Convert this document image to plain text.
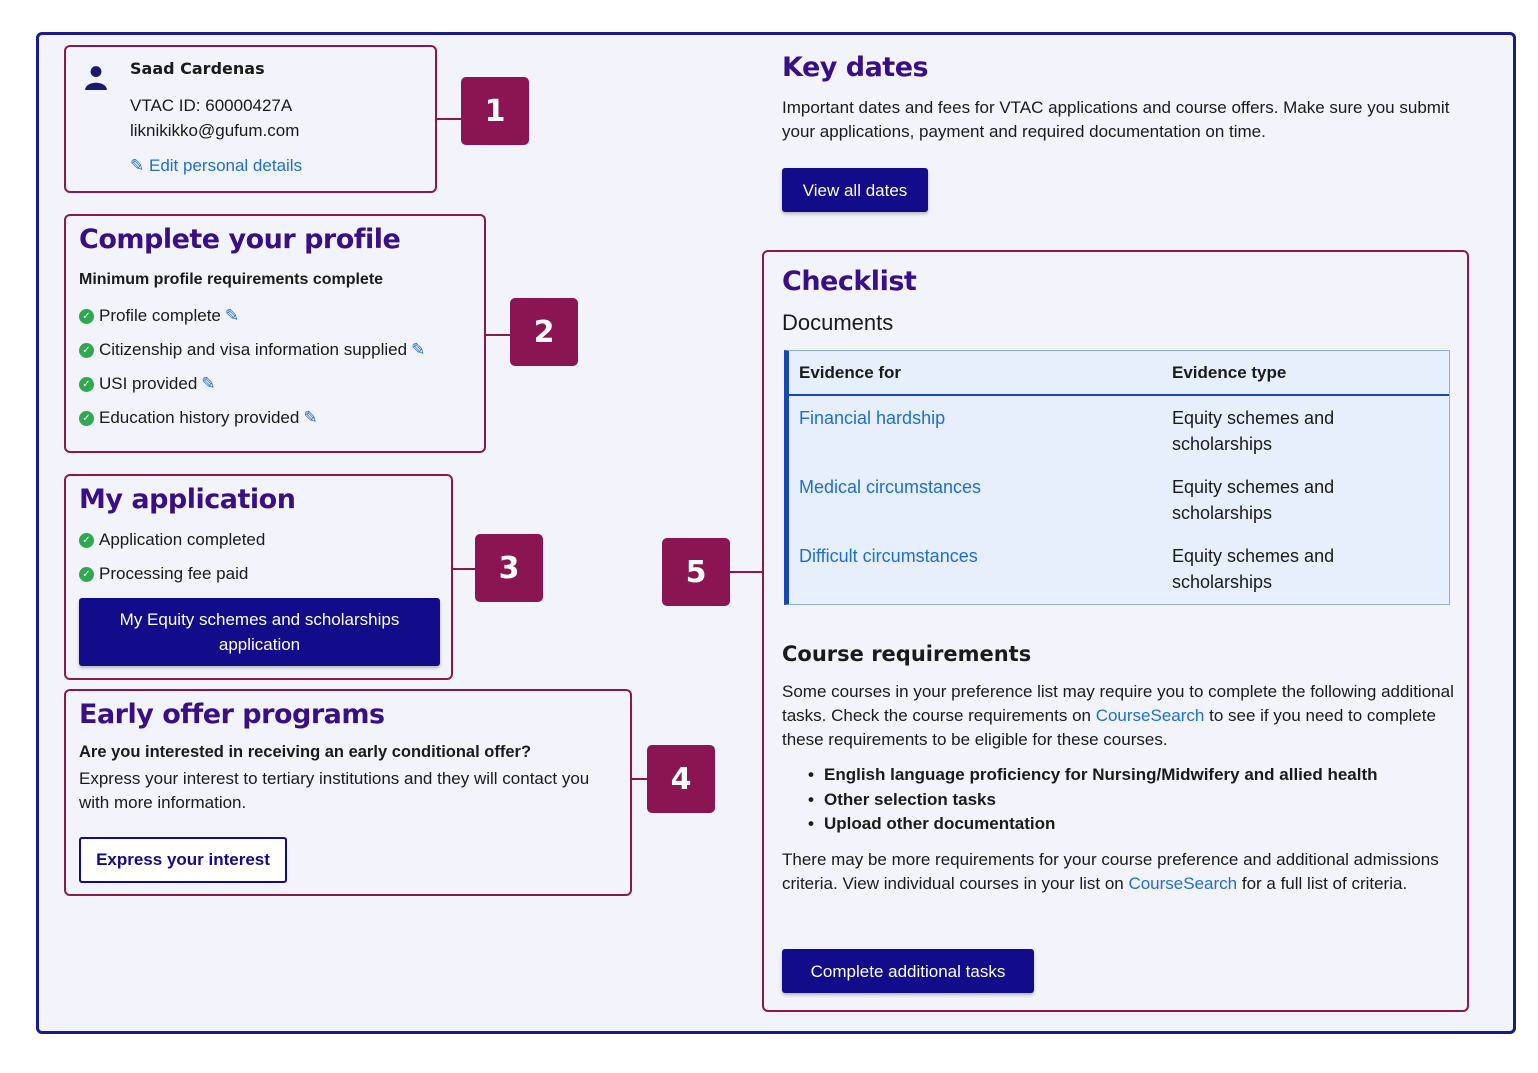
Saad Cardenas
VTAC ID: 60000427A
liknikikko@gufum.com
✎ Edit personal details
1
Complete your profile
Minimum profile requirements complete
✓ Profile complete ✎
✓ Citizenship and visa information supplied ✎
✓ USI provided ✎
✓ Education history provided ✎
2
My application
✓ Application completed
✓ Processing fee paid
My Equity schemes and scholarships
application
3
Early offer programs
Are you interested in receiving an early conditional offer?
Express your interest to tertiary institutions and they will contact you with more information.
Express your interest
4
Key dates
Important dates and fees for VTAC applications and course offers. Make sure you submit your applications, payment and required documentation on time.
View all dates
5
Checklist
Documents
Evidence for	Evidence type
Financial hardship	Equity schemes and scholarships
Medical circumstances	Equity schemes and scholarships
Difficult circumstances	Equity schemes and scholarships
Course requirements
Some courses in your preference list may require you to complete the following additional tasks. Check the course requirements on CourseSearch to see if you need to complete these requirements to be eligible for these courses.
• English language proficiency for Nursing/Midwifery and allied health
• Other selection tasks
• Upload other documentation
There may be more requirements for your course preference and additional admissions criteria. View individual courses in your list on CourseSearch for a full list of criteria.
Complete additional tasks
